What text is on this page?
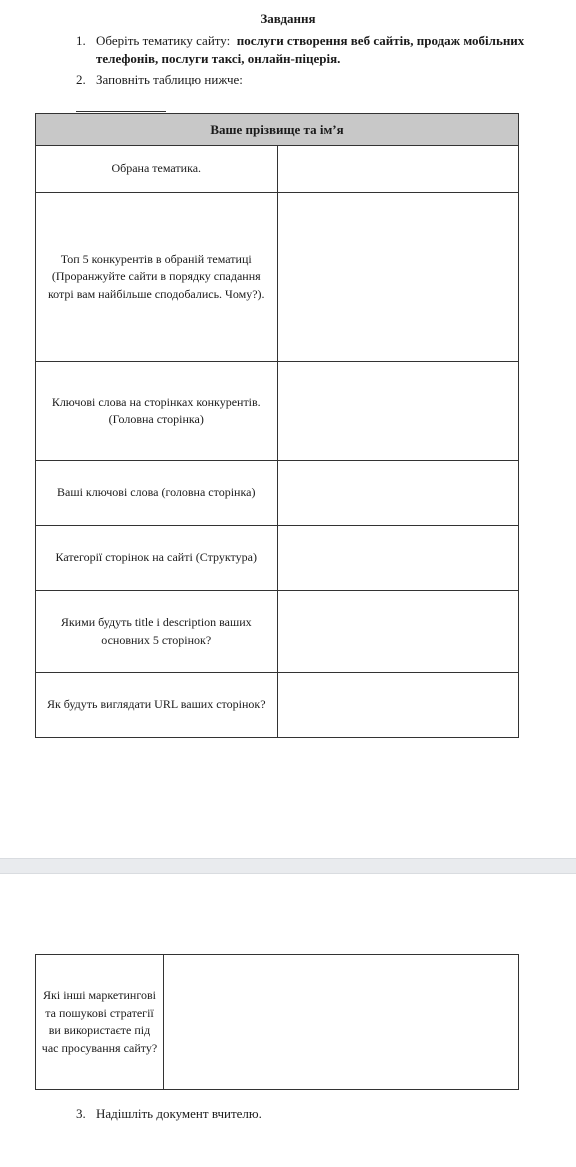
Завдання
1. Оберіть тематику сайту: послуги створення веб сайтів, продаж мобільних телефонів, послуги таксі, онлайн-піцерія.
2. Заповніть таблицю нижче:
Ваше прізвище та ім’я	
Обрана тематика.	
Топ 5 конкурентів в обраній тематиці (Проранжуйте сайти в порядку спадання котрі вам найбільше сподобались. Чому?).	
Ключові слова на сторінках конкурентів. (Головна сторінка)	
Ваші ключові слова (головна сторінка)	
Категорії сторінок на сайті (Структура)	
Якими будуть title і description ваших основних 5 сторінок?	
Як будуть виглядати URL ваших сторінок?	
Які інші маркетингові та пошукові стратегії ви використаєте під час просування сайту?	
3. Надішліть документ вчителю.
